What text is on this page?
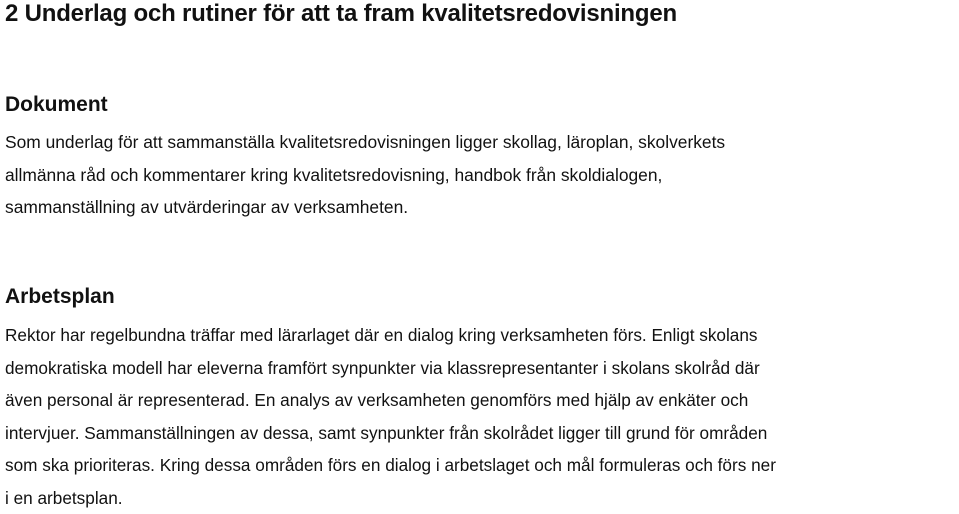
2 Underlag och rutiner för att ta fram kvalitetsredovisningen
Dokument

Som underlag för att sammanställa kvalitetsredovisningen ligger skollag, läroplan, skolverkets
allmänna råd och kommentarer kring kvalitetsredovisning, handbok från skoldialogen,
sammanställning av utvärderingar av verksamheten.

Arbetsplan

Rektor har regelbundna träffar med lärarlaget där en dialog kring verksamheten förs. Enligt skolans
demokratiska modell har eleverna framfört synpunkter via klassrepresentanter i skolans skolråd där
även personal är representerad. En analys av verksamheten genomförs med hjälp av enkäter och
intervjuer. Sammanställningen av dessa, samt synpunkter från skolrådet ligger till grund för områden
som ska prioriteras. Kring dessa områden förs en dialog i arbetslaget och mål formuleras och förs ner
i en arbetsplan.
